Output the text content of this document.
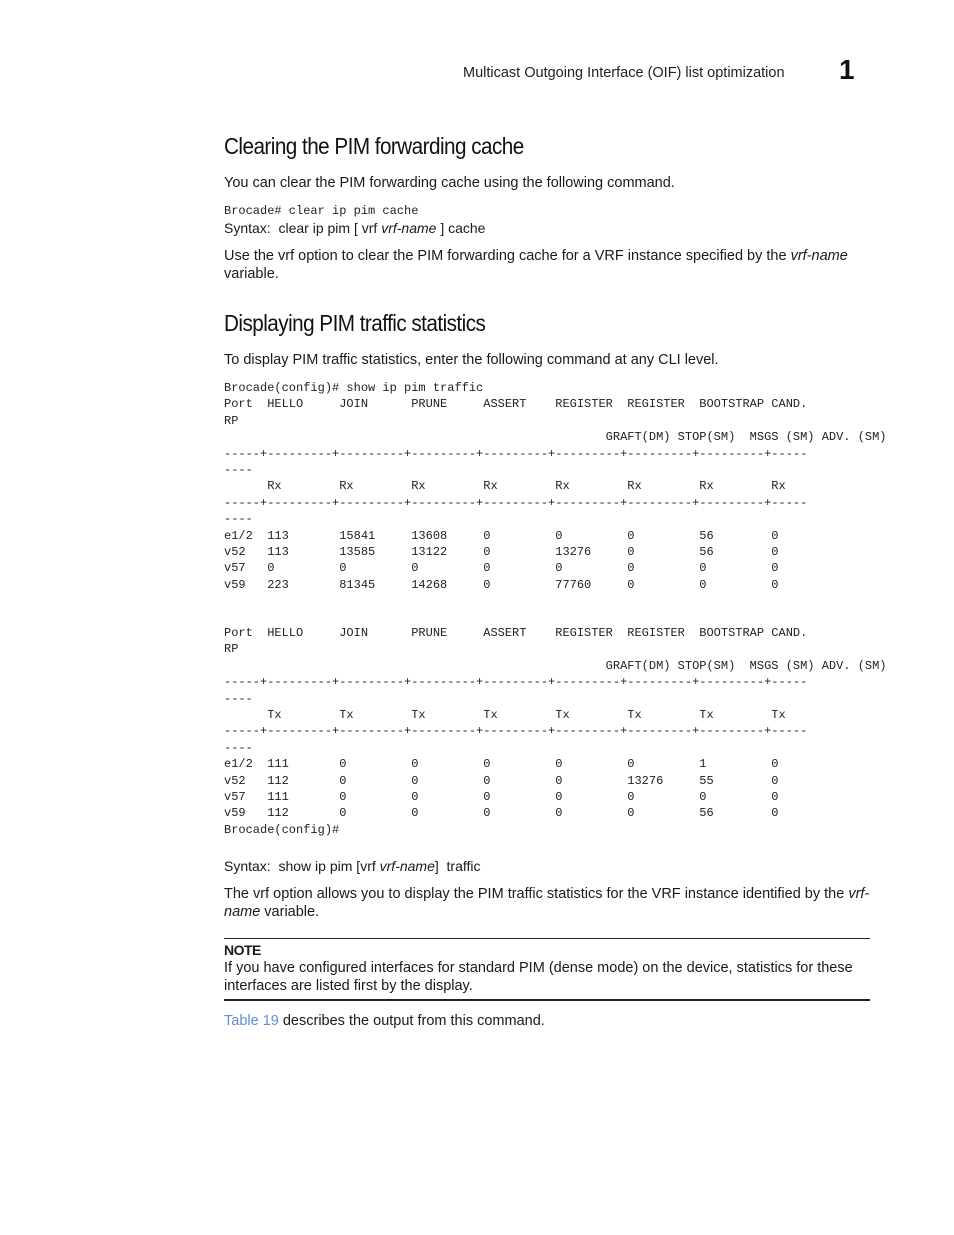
Multicast Outgoing Interface (OIF) list optimization 1
Clearing the PIM forwarding cache

You can clear the PIM forwarding cache using the following command.

Brocade# clear ip pim cache

Syntax: clear ip pim [ vrf vrf-name ] cache

Use the vrf option to clear the PIM forwarding cache for a VRF instance specified by the vrf-name variable.

Displaying PIM traffic statistics

To display PIM traffic statistics, enter the following command at any CLI level.

Brocade(config)# show ip pim traffic
Port  HELLO     JOIN      PRUNE     ASSERT    REGISTER  REGISTER  BOOTSTRAP CAND.
RP
GRAFT(DM) STOP(SM)  MSGS (SM) ADV. (SM)
-----+---------+---------+---------+---------+---------+---------+---------+-----
----
Rx        Rx        Rx        Rx        Rx        Rx        Rx        Rx
-----+---------+---------+---------+---------+---------+---------+---------+-----
----
e1/2  113       15841     13608     0         0         0         56        0
v52   113       13585     13122     0         13276     0         56        0
v57   0         0         0         0         0         0         0         0
v59   223       81345     14268     0         77760     0         0         0
Port  HELLO     JOIN      PRUNE     ASSERT    REGISTER  REGISTER  BOOTSTRAP CAND.
RP
GRAFT(DM) STOP(SM)  MSGS (SM) ADV. (SM)
-----+---------+---------+---------+---------+---------+---------+---------+-----
----
Tx        Tx        Tx        Tx        Tx        Tx        Tx        Tx
-----+---------+---------+---------+---------+---------+---------+---------+-----
----
e1/2  111       0         0         0         0         0         1         0
v52   112       0         0         0         0         13276     55        0
v57   111       0         0         0         0         0         0         0
v59   112       0         0         0         0         0         56        0
Brocade(config)#

Syntax: show ip pim [vrf vrf-name] traffic

The vrf option allows you to display the PIM traffic statistics for the VRF instance identified by the vrf-name variable.

NOTE

If you have configured interfaces for standard PIM (dense mode) on the device, statistics for these interfaces are listed first by the display.

Table 19 describes the output from this command.
